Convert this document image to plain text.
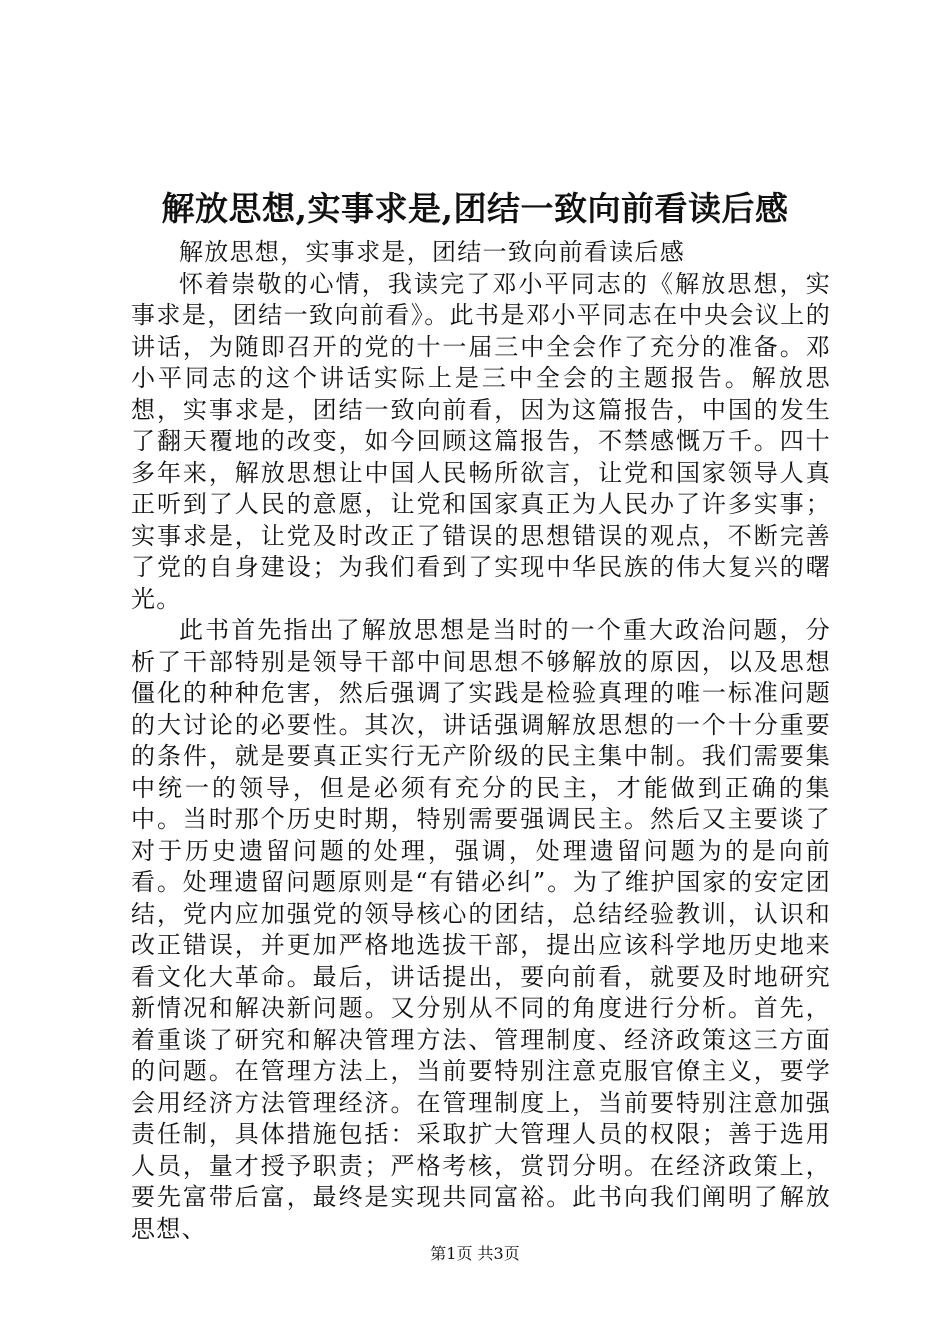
解放思想,实事求是,团结一致向前看读后感

解放思想，实事求是，团结一致向前看读后感

怀着崇敬的心情，我读完了邓小平同志的《解放思想，实事求是，团结一致向前看》。此书是邓小平同志在中央会议上的讲话，为随即召开的党的十一届三中全会作了充分的准备。邓小平同志的这个讲话实际上是三中全会的主题报告。解放思想，实事求是，团结一致向前看，因为这篇报告，中国的发生了翻天覆地的改变，如今回顾这篇报告，不禁感慨万千。四十多年来，解放思想让中国人民畅所欲言，让党和国家领导人真正听到了人民的意愿，让党和国家真正为人民办了许多实事；实事求是，让党及时改正了错误的思想错误的观点，不断完善了党的自身建设；为我们看到了实现中华民族的伟大复兴的曙光。

此书首先指出了解放思想是当时的一个重大政治问题，分析了干部特别是领导干部中间思想不够解放的原因，以及思想僵化的种种危害，然后强调了实践是检验真理的唯一标准问题的大讨论的必要性。其次，讲话强调解放思想的一个十分重要的条件，就是要真正实行无产阶级的民主集中制。我们需要集中统一的领导，但是必须有充分的民主，才能做到正确的集中。当时那个历史时期，特别需要强调民主。然后又主要谈了对于历史遗留问题的处理，强调，处理遗留问题为的是向前看。处理遗留问题原则是“有错必纠”。为了维护国家的安定团结，党内应加强党的领导核心的团结，总结经验教训，认识和改正错误，并更加严格地选拔干部，提出应该科学地历史地来看文化大革命。最后，讲话提出，要向前看，就要及时地研究新情况和解决新问题。又分别从不同的角度进行分析。首先，着重谈了研究和解决管理方法、管理制度、经济政策这三方面的问题。在管理方法上，当前要特别注意克服官僚主义，要学会用经济方法管理经济。在管理制度上，当前要特别注意加强责任制，具体措施包括：采取扩大管理人员的权限；善于选用人员，量才授予职责；严格考核，赏罚分明。在经济政策上，要先富带后富，最终是实现共同富裕。此书向我们阐明了解放思想、

第1页 共3页
